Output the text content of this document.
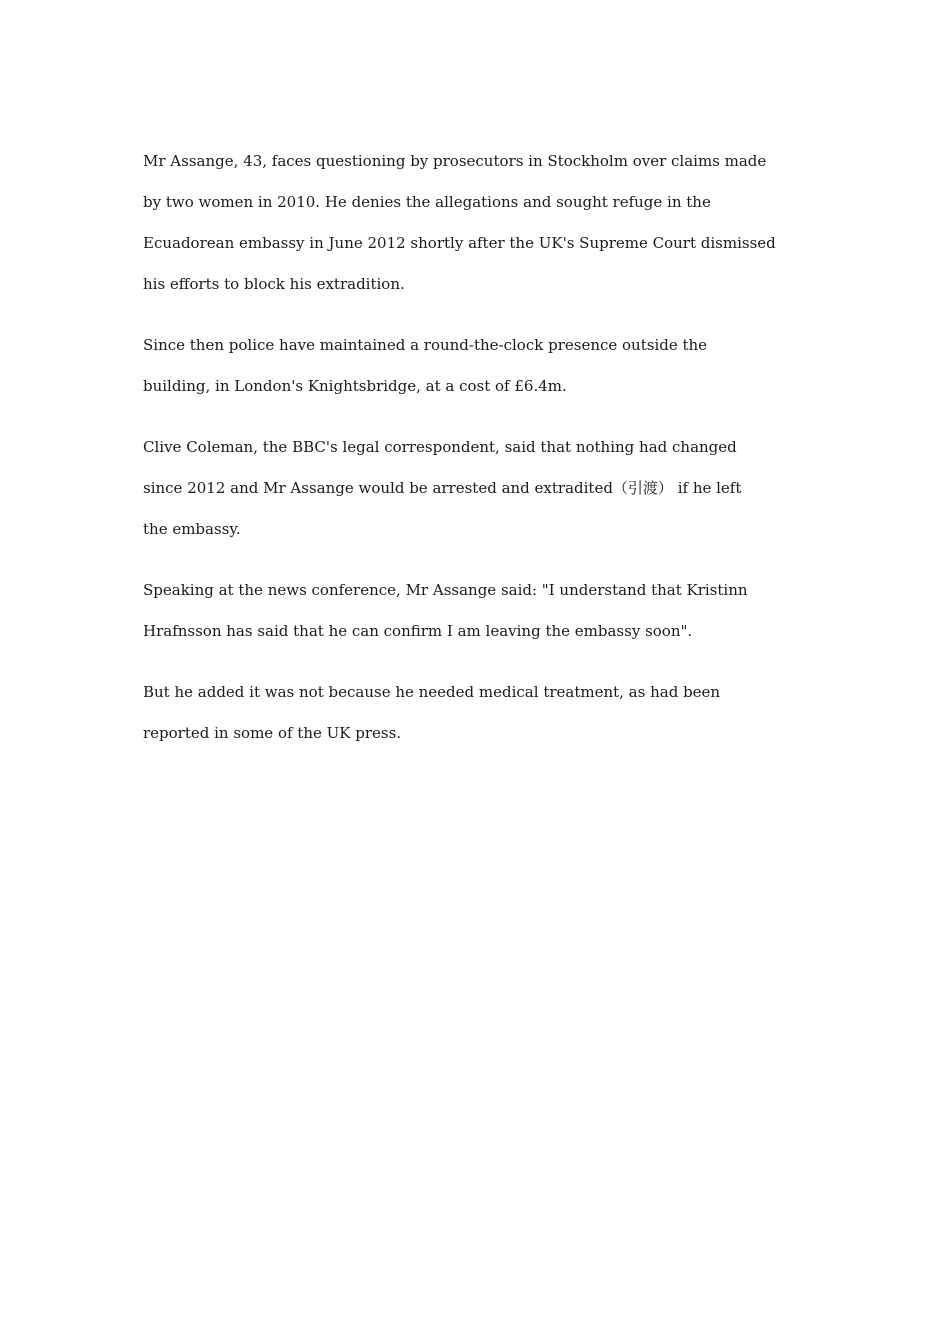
Mr Assange, 43, faces questioning by prosecutors in Stockholm over claims made
by two women in 2010. He denies the allegations and sought refuge in the
Ecuadorean embassy in June 2012 shortly after the UK's Supreme Court dismissed
his efforts to block his extradition.
Since then police have maintained a round-the-clock presence outside the
building, in London's Knightsbridge, at a cost of £6.4m.
Clive Coleman, the BBC's legal correspondent, said that nothing had changed
since 2012 and Mr Assange would be arrested and extradited（引渡） if he left
the embassy.
Speaking at the news conference, Mr Assange said: "I understand that Kristinn
Hrafnsson has said that he can confirm I am leaving the embassy soon".
But he added it was not because he needed medical treatment, as had been
reported in some of the UK press.
